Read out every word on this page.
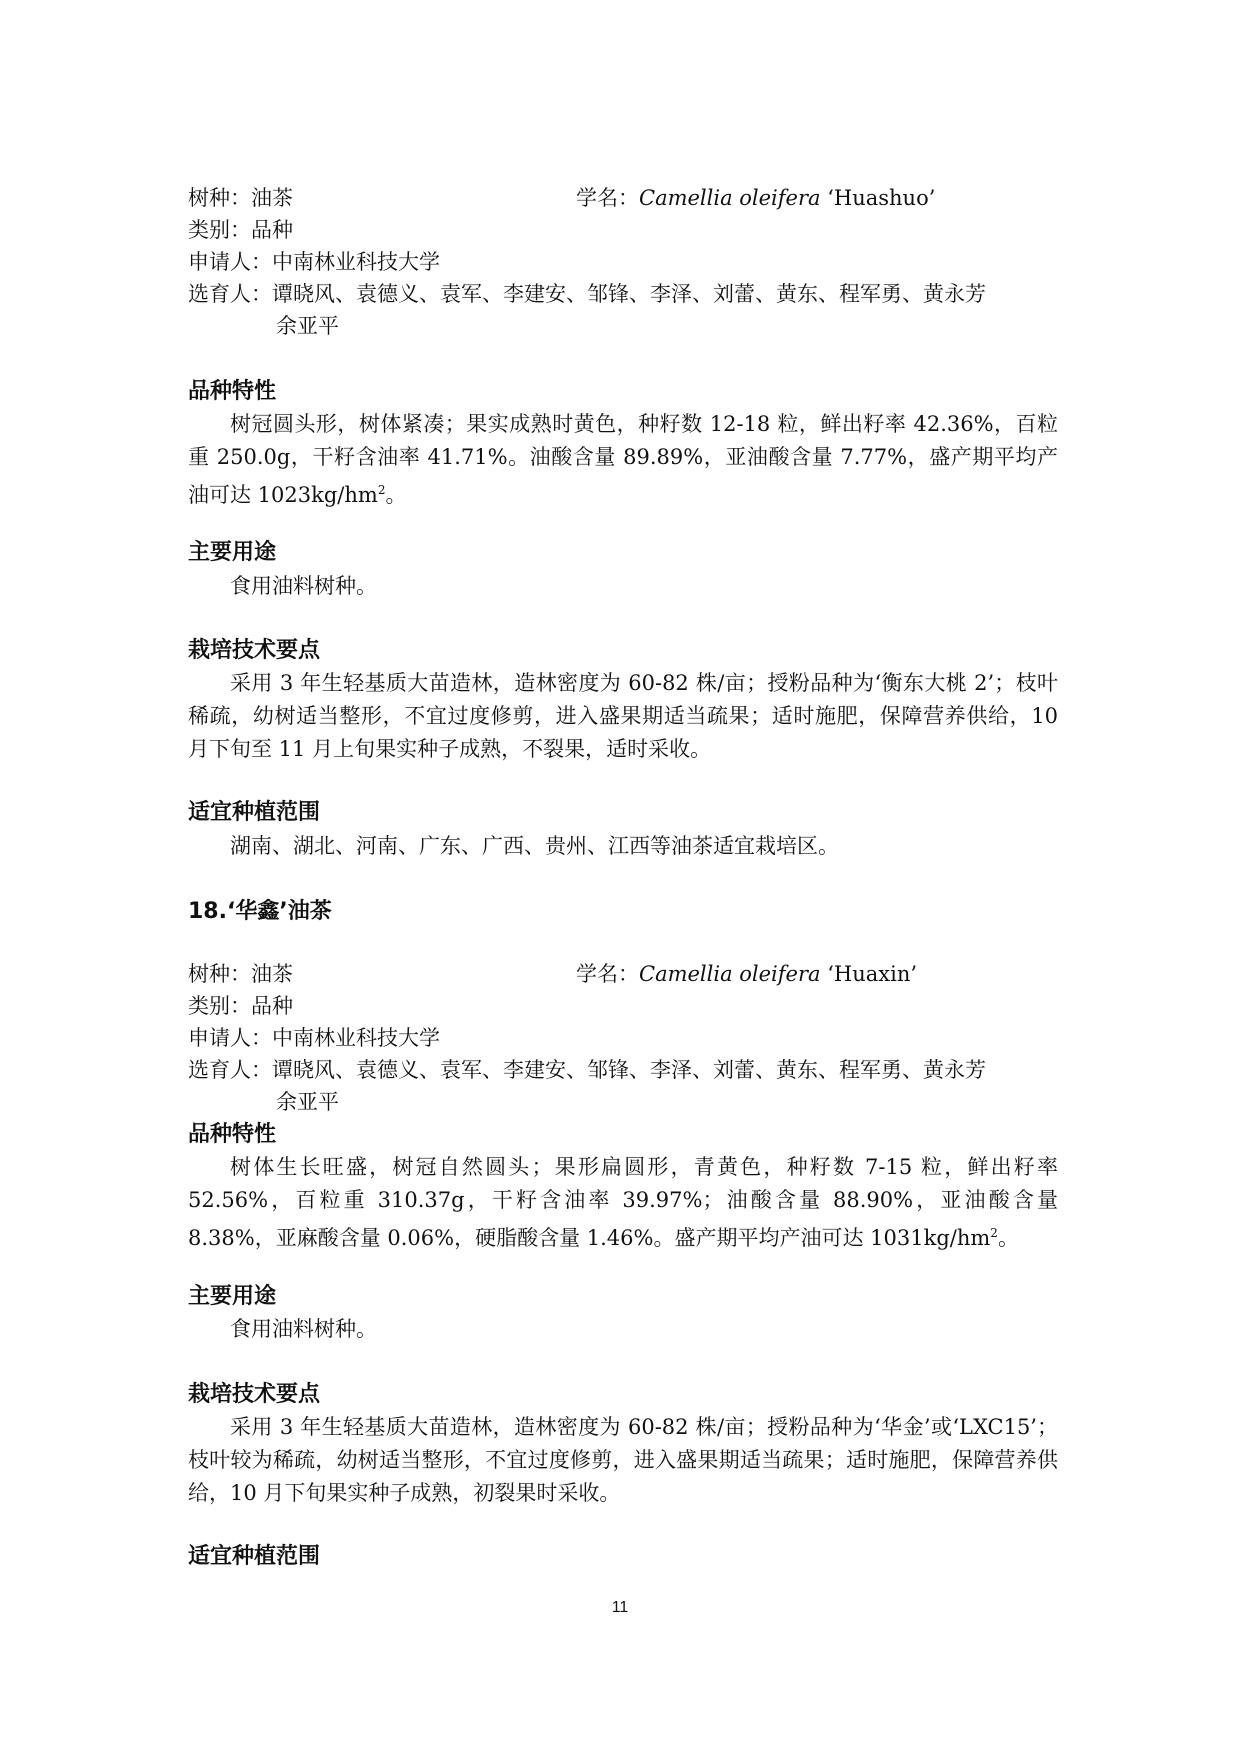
树种：油茶	学名：Camellia oleifera ‘Huashuo’
类别：品种
申请人：中南林业科技大学
选育人：谭晓风、袁德义、袁军、李建安、邹锋、李泽、刘蕾、黄东、程军勇、黄永芳
余亚平
品种特性
树冠圆头形，树体紧凑；果实成熟时黄色，种籽数 12-18 粒，鲜出籽率 42.36%，百粒重 250.0g，干籽含油率 41.71%。油酸含量 89.89%，亚油酸含量 7.77%，盛产期平均产油可达 $1023kg/hm^2$。
主要用途
食用油料树种。
栽培技术要点
采用 3 年生轻基质大苗造林，造林密度为 60-82 株/亩；授粉品种为‘衡东大桃 2’；枝叶稀疏，幼树适当整形，不宜过度修剪，进入盛果期适当疏果；适时施肥，保障营养供给，10 月下旬至 11 月上旬果实种子成熟，不裂果，适时采收。
适宜种植范围
湖南、湖北、河南、广东、广西、贵州、江西等油茶适宜栽培区。
18.‘华鑫’油茶
树种：油茶	学名：Camellia oleifera ‘Huaxin’
类别：品种
申请人：中南林业科技大学
选育人：谭晓风、袁德义、袁军、李建安、邹锋、李泽、刘蕾、黄东、程军勇、黄永芳
余亚平
品种特性
树体生长旺盛，树冠自然圆头；果形扁圆形，青黄色，种籽数 7-15 粒，鲜出籽率 52.56%，百粒重 310.37g，干籽含油率 39.97%；油酸含量 88.90%，亚油酸含量 8.38%，亚麻酸含量 0.06%，硬脂酸含量 1.46%。盛产期平均产油可达 $1031kg/hm^2$。
主要用途
食用油料树种。
栽培技术要点
采用 3 年生轻基质大苗造林，造林密度为 60-82 株/亩；授粉品种为‘华金’或‘LXC15’；枝叶较为稀疏，幼树适当整形，不宜过度修剪，进入盛果期适当疏果；适时施肥，保障营养供给，10 月下旬果实种子成熟，初裂果时采收。
适宜种植范围
11
